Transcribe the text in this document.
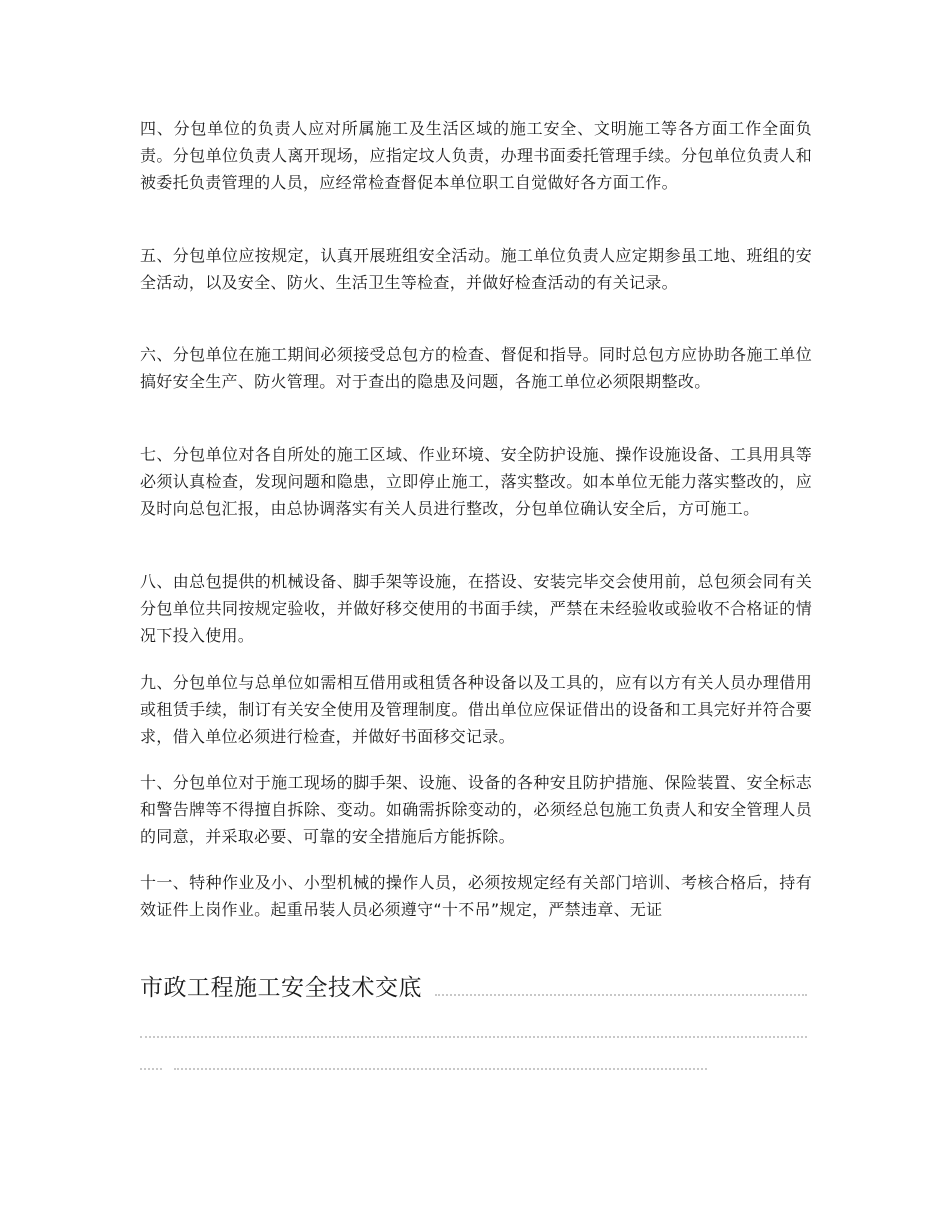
四、分包单位的负责人应对所属施工及生活区域的施工安全、文明施工等各方面工作全面负责。分包单位负责人离开现场，应指定坟人负责，办理书面委托管理手续。分包单位负责人和被委托负责管理的人员，应经常检查督促本单位职工自觉做好各方面工作。

五、分包单位应按规定，认真开展班组安全活动。施工单位负责人应定期参虽工地、班组的安全活动，以及安全、防火、生活卫生等检查，并做好检查活动的有关记录。

六、分包单位在施工期间必须接受总包方的检查、督促和指导。同时总包方应协助各施工单位搞好安全生产、防火管理。对于查出的隐患及问题，各施工单位必须限期整改。

七、分包单位对各自所处的施工区域、作业环境、安全防护设施、操作设施设备、工具用具等必须认真检查，发现问题和隐患，立即停止施工，落实整改。如本单位无能力落实整改的，应及时向总包汇报，由总协调落实有关人员进行整改，分包单位确认安全后，方可施工。

八、由总包提供的机械设备、脚手架等设施，在搭设、安装完毕交会使用前，总包须会同有关分包单位共同按规定验收，并做好移交使用的书面手续，严禁在未经验收或验收不合格证的情况下投入使用。

九、分包单位与总单位如需相互借用或租赁各种设备以及工具的，应有以方有关人员办理借用或租赁手续，制订有关安全使用及管理制度。借出单位应保证借出的设备和工具完好并符合要求，借入单位必须进行检查，并做好书面移交记录。

十、分包单位对于施工现场的脚手架、设施、设备的各种安且防护措施、保险装置、安全标志和警告牌等不得擅自拆除、变动。如确需拆除变动的，必须经总包施工负责人和安全管理人员的同意，并采取必要、可靠的安全措施后方能拆除。

十一、特种作业及小、小型机械的操作人员，必须按规定经有关部门培训、考核合格后，持有效证件上岗作业。起重吊装人员必须遵守“十不吊”规定，严禁违章、无证

市政工程施工安全技术交底
